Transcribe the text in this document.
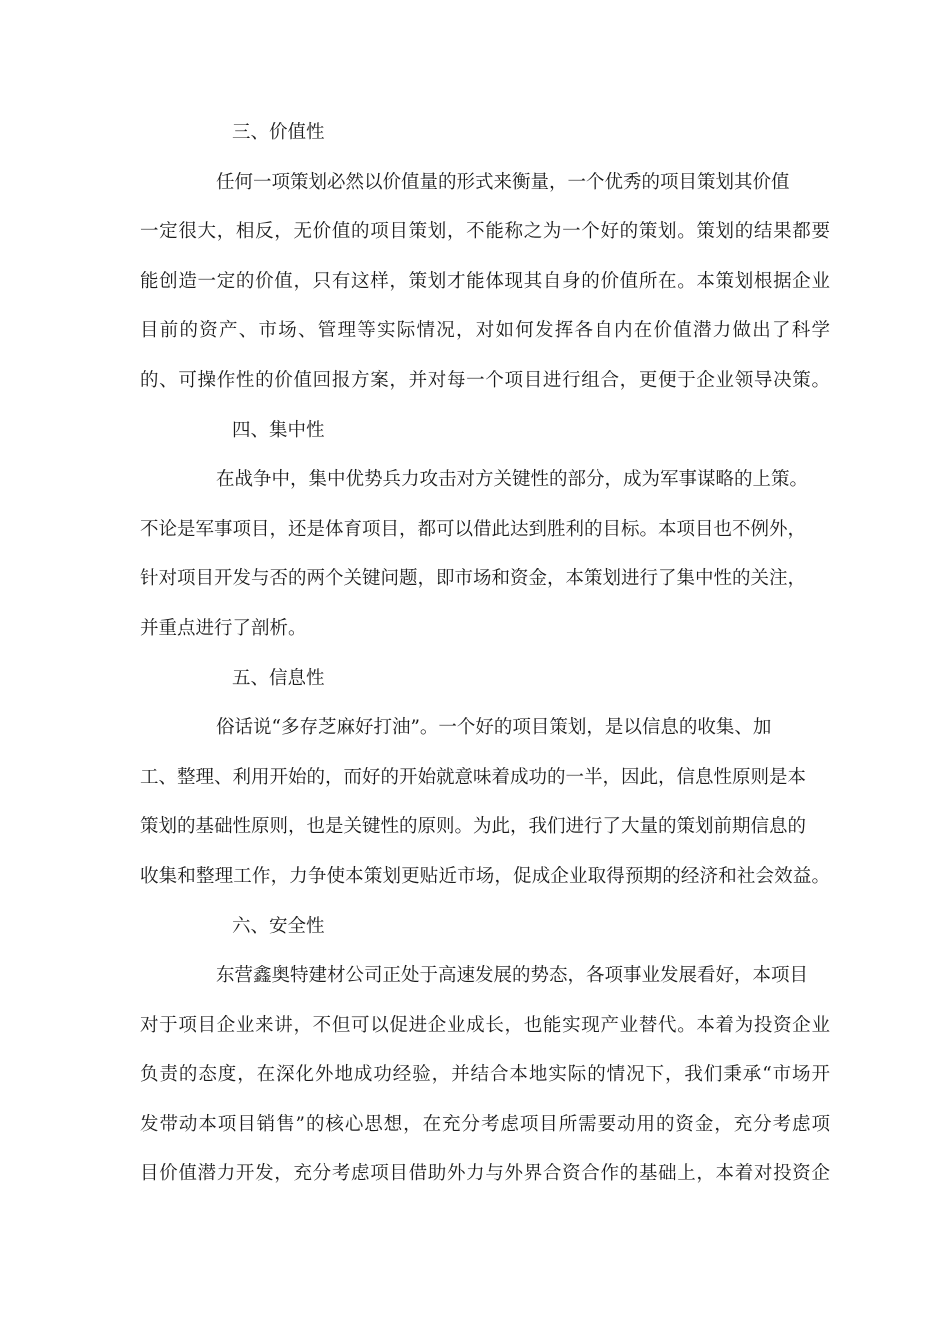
三、价值性

任何一项策划必然以价值量的形式来衡量，一个优秀的项目策划其价值
一定很大，相反，无价值的项目策划，不能称之为一个好的策划。策划的结果都要
能创造一定的价值，只有这样，策划才能体现其自身的价值所在。本策划根据企业
目前的资产、市场、管理等实际情况，对如何发挥各自内在价值潜力做出了科学
的、可操作性的价值回报方案，并对每一个项目进行组合，更便于企业领导决策。

四、集中性

在战争中，集中优势兵力攻击对方关键性的部分，成为军事谋略的上策。
不论是军事项目，还是体育项目，都可以借此达到胜利的目标。本项目也不例外，
针对项目开发与否的两个关键问题，即市场和资金，本策划进行了集中性的关注，
并重点进行了剖析。

五、信息性

俗话说“多存芝麻好打油”。一个好的项目策划，是以信息的收集、加
工、整理、利用开始的，而好的开始就意味着成功的一半，因此，信息性原则是本
策划的基础性原则，也是关键性的原则。为此，我们进行了大量的策划前期信息的
收集和整理工作，力争使本策划更贴近市场，促成企业取得预期的经济和社会效益。

六、安全性

东营鑫奥特建材公司正处于高速发展的势态，各项事业发展看好，本项目
对于项目企业来讲，不但可以促进企业成长，也能实现产业替代。本着为投资企业
负责的态度，在深化外地成功经验，并结合本地实际的情况下，我们秉承“市场开
发带动本项目销售”的核心思想，在充分考虑项目所需要动用的资金，充分考虑项
目价值潜力开发，充分考虑项目借助外力与外界合资合作的基础上，本着对投资企
